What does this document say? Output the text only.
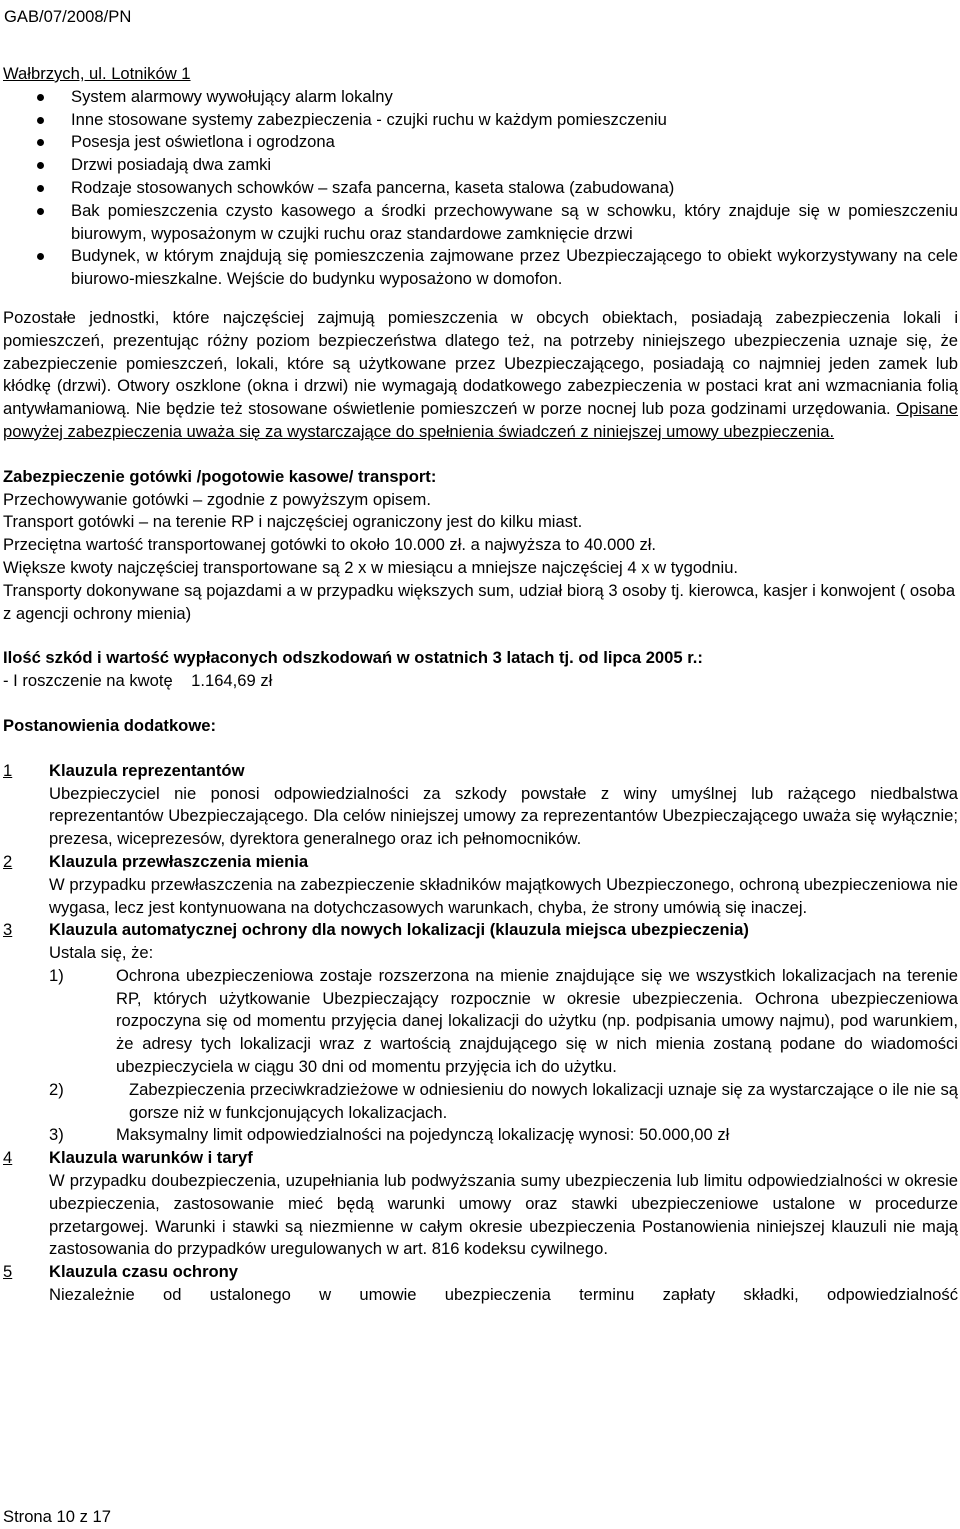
GAB/07/2008/PN

Wałbrzych, ul. Lotników 1

System alarmowy wywołujący alarm lokalny
Inne stosowane systemy zabezpieczenia - czujki ruchu w każdym pomieszczeniu
Posesja jest oświetlona i ogrodzona
Drzwi posiadają dwa zamki
Rodzaje stosowanych schowków – szafa pancerna, kaseta stalowa (zabudowana)
Bak pomieszczenia czysto kasowego a środki przechowywane są w schowku, który znajduje się w pomieszczeniu biurowym, wyposażonym w czujki ruchu oraz standardowe zamknięcie drzwi
Budynek, w którym znajdują się pomieszczenia zajmowane przez Ubezpieczającego to obiekt wykorzystywany na cele biurowo-mieszkalne. Wejście do budynku wyposażono w domofon.

Pozostałe jednostki, które najczęściej zajmują pomieszczenia w obcych obiektach, posiadają zabezpieczenia lokali i pomieszczeń, prezentując różny poziom bezpieczeństwa dlatego też, na potrzeby niniejszego ubezpieczenia uznaje się, że zabezpieczenie pomieszczeń, lokali, które są użytkowane przez Ubezpieczającego, posiadają co najmniej jeden zamek lub kłódkę (drzwi). Otwory oszklone (okna i drzwi) nie wymagają dodatkowego zabezpieczenia w postaci krat ani wzmacniania folią antywłamaniową. Nie będzie też stosowane oświetlenie pomieszczeń w porze nocnej lub poza godzinami urzędowania. Opisane powyżej zabezpieczenia uważa się za wystarczające do spełnienia świadczeń z niniejszej umowy ubezpieczenia.

Zabezpieczenie gotówki /pogotowie kasowe/ transport:

Przechowywanie gotówki – zgodnie z powyższym opisem.

Transport gotówki – na terenie RP i najczęściej ograniczony jest do kilku miast.

Przeciętna wartość transportowanej gotówki to około 10.000 zł. a najwyższa to 40.000 zł.

Większe kwoty najczęściej transportowane są 2 x w miesiącu a mniejsze najczęściej 4 x w tygodniu.

Transporty dokonywane są pojazdami a w przypadku większych sum, udział biorą 3 osoby tj. kierowca, kasjer i konwojent ( osoba z agencji ochrony mienia)

Ilość szkód i wartość wypłaconych odszkodowań w ostatnich 3 latach tj. od lipca 2005 r.:

- I roszczenie na kwotę    1.164,69 zł

Postanowienia dodatkowe:

1 Klauzula reprezentantów
Ubezpieczyciel nie ponosi odpowiedzialności za szkody powstałe z winy umyślnej lub rażącego niedbalstwa reprezentantów Ubezpieczającego. Dla celów niniejszej umowy za reprezentantów Ubezpieczającego uważa się wyłącznie; prezesa, wiceprezesów, dyrektora generalnego oraz ich pełnomocników.
2 Klauzula przewłaszczenia mienia
W przypadku przewłaszczenia na zabezpieczenie składników majątkowych Ubezpieczonego, ochroną ubezpieczeniowa nie wygasa, lecz jest kontynuowana na dotychczasowych warunkach, chyba, że strony umówią się inaczej.
3 Klauzula automatycznej ochrony dla nowych lokalizacji (klauzula miejsca ubezpieczenia)
Ustala się, że:
1)	Ochrona ubezpieczeniowa zostaje rozszerzona na mienie znajdujące się we wszystkich lokalizacjach na terenie RP, których użytkowanie Ubezpieczający rozpocznie w okresie ubezpieczenia. Ochrona ubezpieczeniowa rozpoczyna się od momentu przyjęcia danej lokalizacji do użytku (np. podpisania umowy najmu), pod warunkiem, że adresy tych lokalizacji wraz z wartością znajdującego się w nich mienia zostaną podane do wiadomości ubezpieczyciela w ciągu 30 dni od momentu przyjęcia ich do użytku.
2)	Zabezpieczenia przeciwkradzieżowe w odniesieniu do nowych lokalizacji uznaje się za wystarczające o ile nie są gorsze niż w funkcjonujących lokalizacjach.
3)	Maksymalny limit odpowiedzialności na pojedynczą lokalizację wynosi: 50.000,00 zł
4 Klauzula warunków i taryf
W przypadku doubezpieczenia, uzupełniania lub podwyższania sumy ubezpieczenia lub limitu odpowiedzialności w okresie ubezpieczenia, zastosowanie mieć będą warunki umowy oraz stawki ubezpieczeniowe ustalone w procedurze przetargowej. Warunki i stawki są niezmienne w całym okresie ubezpieczenia Postanowienia niniejszej klauzuli nie mają zastosowania do przypadków uregulowanych w art. 816 kodeksu cywilnego.
5 Klauzula czasu ochrony
Niezależnie od ustalonego w umowie ubezpieczenia terminu zapłaty składki, odpowiedzialność
Strona 10 z 17
